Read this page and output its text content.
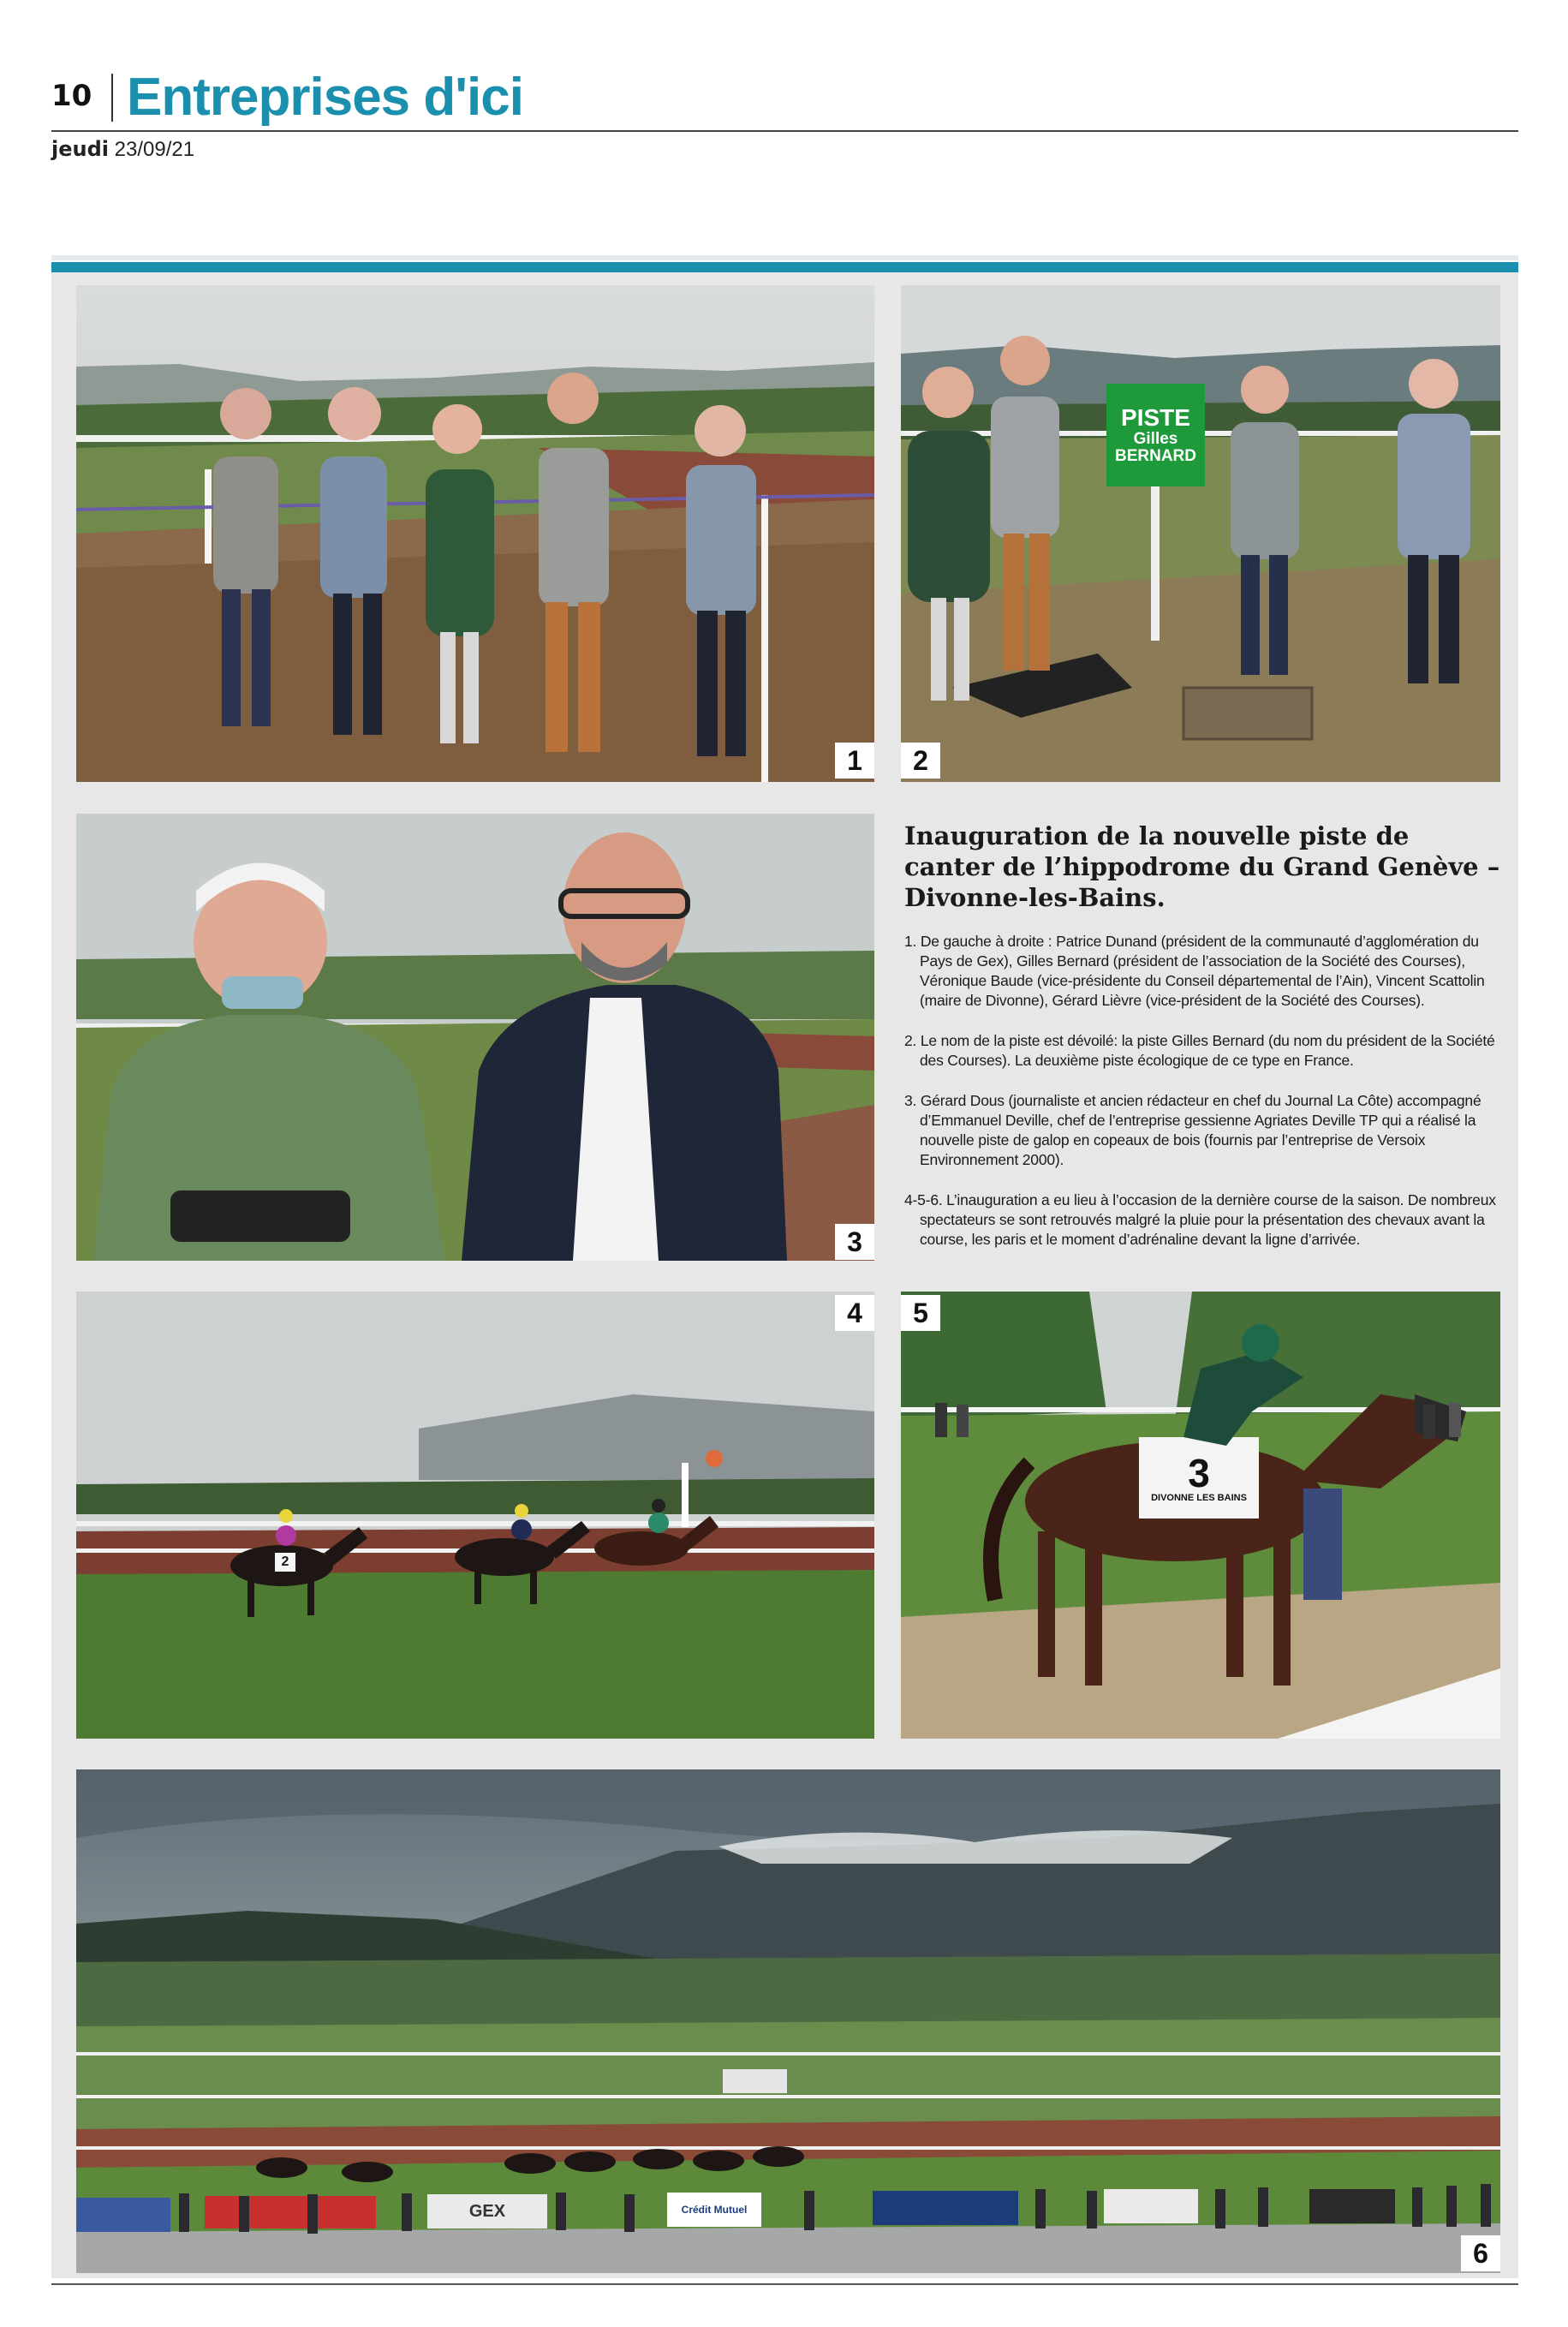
10 Entreprises d'ici
jeudi 23/09/21
1
PISTE
Gilles
BERNARD
2
3
2
4
3
DIVONNE LES BAINS
5
Crédit Mutuel
GEX
6
Inauguration de la nouvelle piste de canter de l’hippodrome du Grand Genève – Divonne-les-Bains.

1. De gauche à droite : Patrice Dunand (président de la communauté d’agglomération du Pays de Gex), Gilles Bernard (président de l’association de la Société des Courses), Véronique Baude (vice-présidente du Conseil départemental de l’Ain), Vincent Scattolin (maire de Divonne), Gérard Lièvre (vice-président de la Société des Courses).

2. Le nom de la piste est dévoilé: la piste Gilles Bernard (du nom du président de la Société des Courses). La deuxième piste écologique de ce type en France.

3. Gérard Dous (journaliste et ancien rédacteur en chef du Journal La Côte) accompagné d’Emmanuel Deville, chef de l’entreprise gessienne Agriates Deville TP qui a réalisé la nouvelle piste de galop en copeaux de bois (fournis par l’entreprise de Versoix Environnement 2000).

4-5-6. L’inauguration a eu lieu à l’occasion de la dernière course de la saison. De nombreux spectateurs se sont retrouvés malgré la pluie pour la présentation des chevaux avant la course, les paris et le moment d’adrénaline devant la ligne d’arrivée.
